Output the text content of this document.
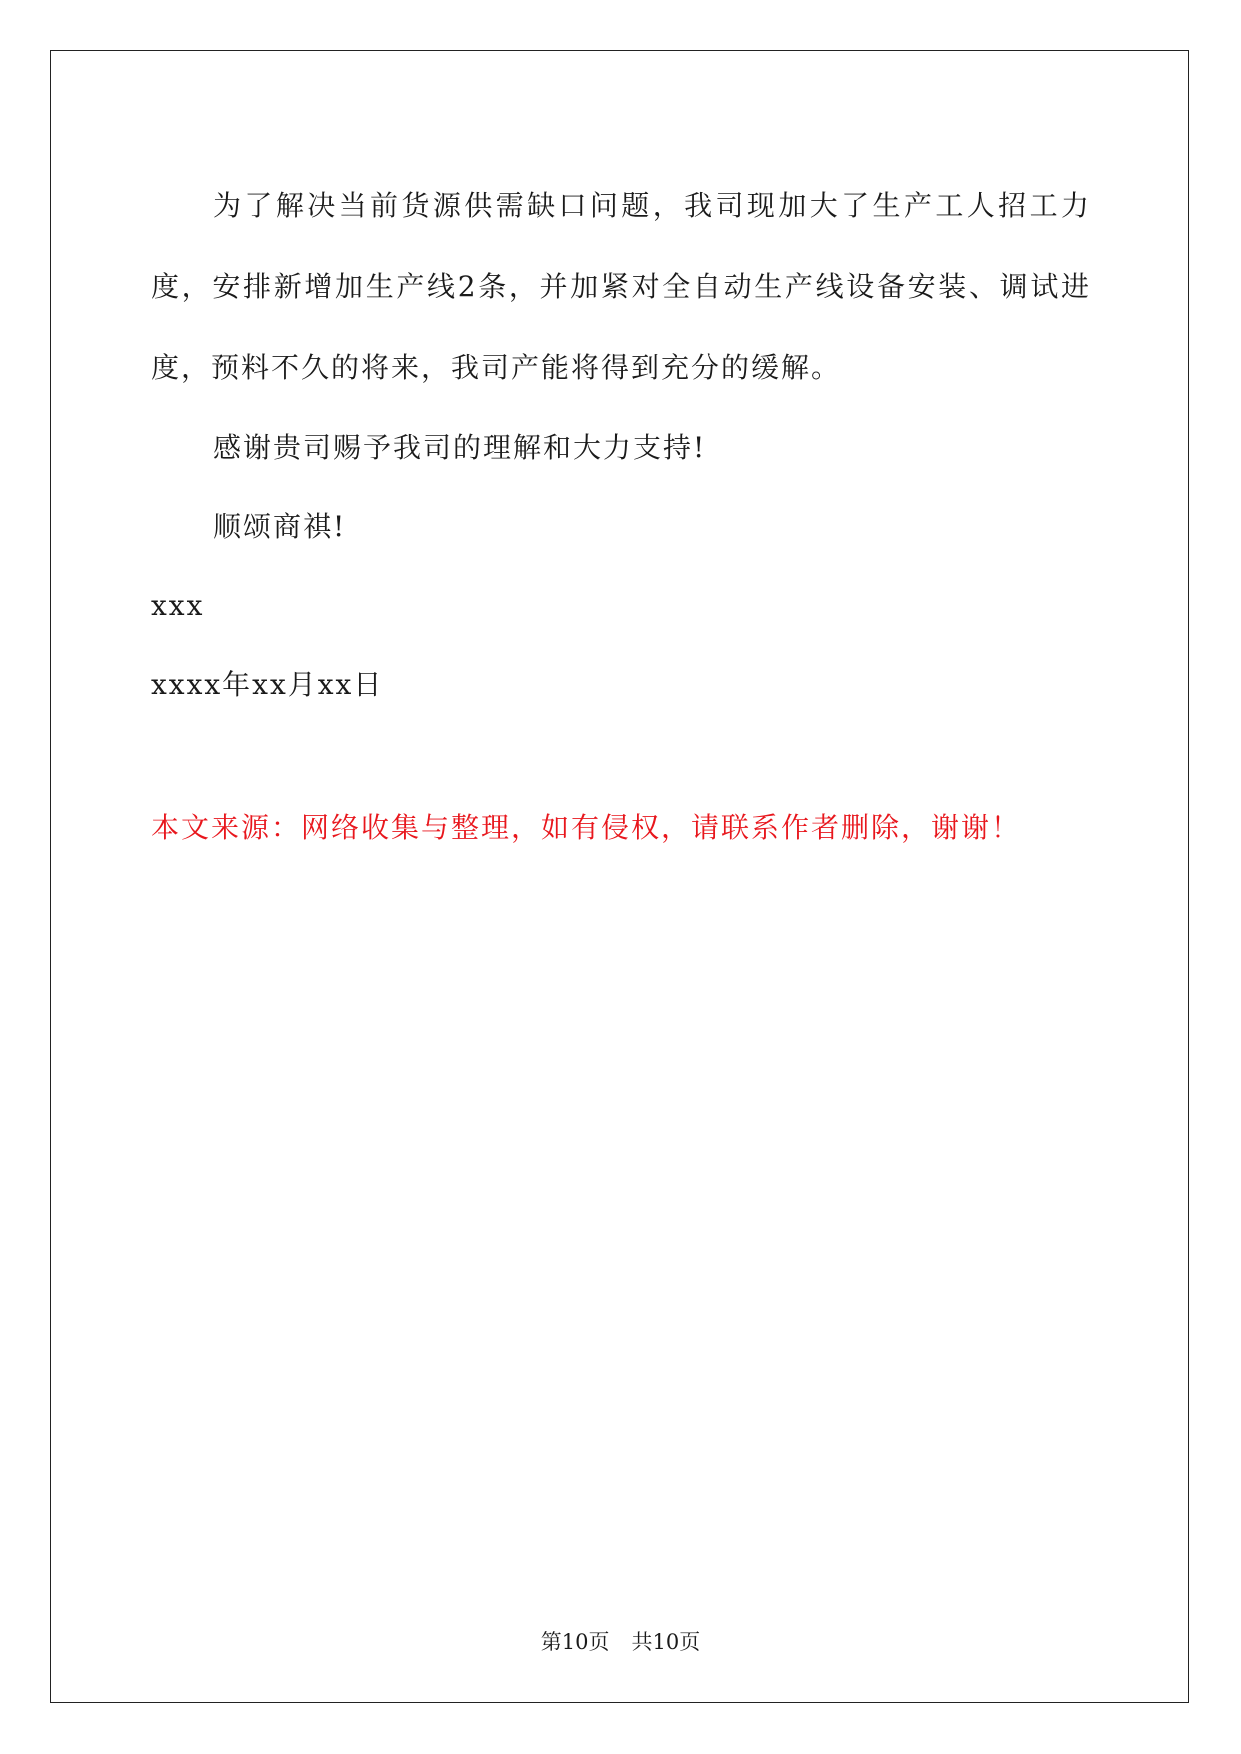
为了解决当前货源供需缺口问题，我司现加大了生产工人招工力度，安排新增加生产线2条，并加紧对全自动生产线设备安装、调试进度，预料不久的将来，我司产能将得到充分的缓解。

感谢贵司赐予我司的理解和大力支持!

顺颂商祺!

xxx

xxxx年xx月xx日

本文来源：网络收集与整理，如有侵权，请联系作者删除，谢谢！

第10页 共10页
